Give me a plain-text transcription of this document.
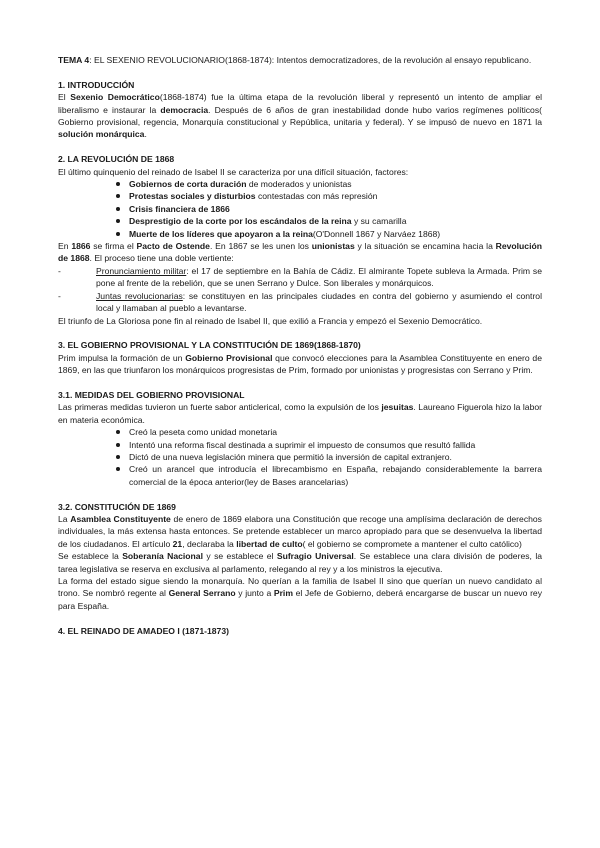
TEMA 4: EL SEXENIO REVOLUCIONARIO(1868-1874): Intentos democratizadores, de la revolución al ensayo republicano.

1. INTRODUCCIÓN

El Sexenio Democrático(1868-1874) fue la última etapa de la revolución liberal y representó un intento de ampliar el liberalismo e instaurar la democracia. Después de 6 años de gran inestabilidad donde hubo varios regímenes políticos( Gobierno provisional, regencia, Monarquía constitucional y República, unitaria y federal). Y se impusó de nuevo en 1871 la solución monárquica.

2. LA REVOLUCIÓN DE 1868

El último quinquenio del reinado de Isabel II se caracteriza por una difícil situación, factores:

Gobiernos de corta duración de moderados y unionistas
Protestas sociales y disturbios contestadas con más represión
Crisis financiera de 1866
Desprestigio de la corte por los escándalos de la reina y su camarilla
Muerte de los líderes que apoyaron a la reina(O'Donnell 1867 y Narváez 1868)

En 1866 se firma el Pacto de Ostende. En 1867 se les unen los unionistas y la situación se encamina hacia la Revolución de 1868. El proceso tiene una doble vertiente:

- Pronunciamiento militar: el 17 de septiembre en la Bahía de Cádiz. El almirante Topete subleva la Armada. Prim se pone al frente de la rebelión, que se unen Serrano y Dulce. Son liberales y monárquicos.
- Juntas revolucionarias: se constituyen en las principales ciudades en contra del gobierno y asumiendo el control local y llamaban al pueblo a levantarse.

El triunfo de La Gloriosa pone fin al reinado de Isabel II, que exilió a Francia y empezó el Sexenio Democrático.

3. EL GOBIERNO PROVISIONAL Y LA CONSTITUCIÓN DE 1869(1868-1870)

Prim impulsa la formación de un Gobierno Provisional que convocó elecciones para la Asamblea Constituyente en enero de 1869, en las que triunfaron los monárquicos progresistas de Prim, formado por unionistas y progresistas con Serrano y Prim.

3.1. MEDIDAS DEL GOBIERNO PROVISIONAL

Las primeras medidas tuvieron un fuerte sabor anticlerical, como la expulsión de los jesuitas. Laureano Figuerola hizo la labor en materia económica.

Creó la peseta como unidad monetaria
Intentó una reforma fiscal destinada a suprimir el impuesto de consumos que resultó fallida
Dictó de una nueva legislación minera que permitió la inversión de capital extranjero.
Creó un arancel que introducía el librecambismo en España, rebajando considerablemente la barrera comercial de la época anterior(ley de Bases arancelarias)

3.2. CONSTITUCIÓN DE 1869

La Asamblea Constituyente de enero de 1869 elabora una Constitución que recoge una amplísima declaración de derechos individuales, la más extensa hasta entonces. Se pretende establecer un marco apropiado para que se desenvuelva la libertad de los ciudadanos. El artículo 21, declaraba la libertad de culto( el gobierno se compromete a mantener el culto católico)

Se establece la Soberanía Nacional y se establece el Sufragio Universal. Se establece una clara división de poderes, la tarea legislativa se reserva en exclusiva al parlamento, relegando al rey y a los ministros la ejecutiva.

La forma del estado sigue siendo la monarquía. No querían a la familia de Isabel II sino que querían un nuevo candidato al trono. Se nombró regente al General Serrano y junto a Prim el Jefe de Gobierno, deberá encargarse de buscar un nuevo rey para España.

4. EL REINADO DE AMADEO I (1871-1873)
